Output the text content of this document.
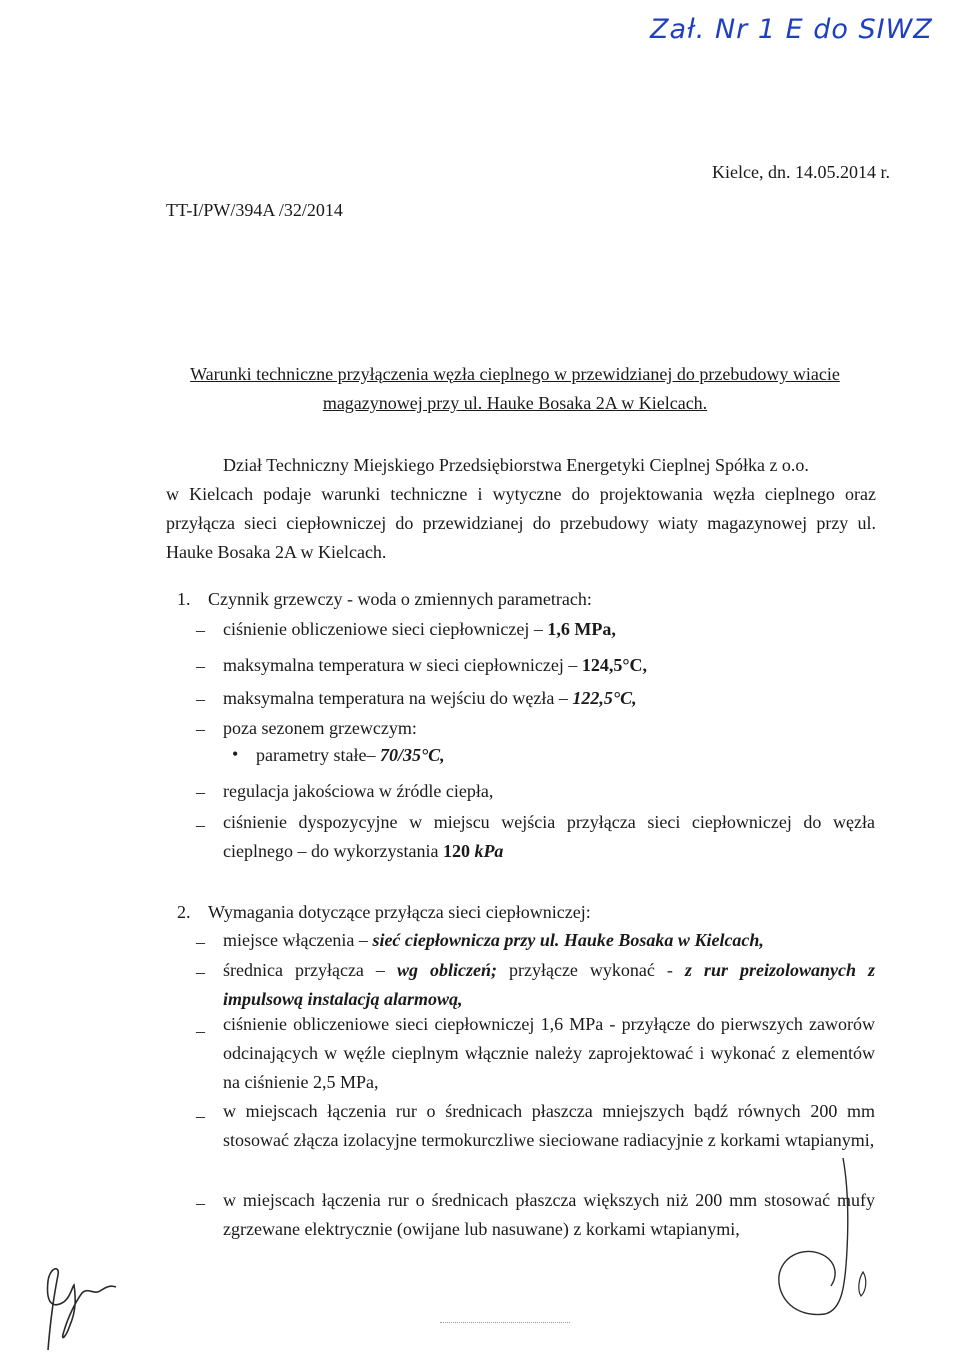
Zał. Nr 1 E do SIWZ
Kielce, dn. 14.05.2014 r.
TT-I/PW/394A /32/2014
Warunki techniczne przyłączenia węzła cieplnego w przewidzianej do przebudowy wiacie
magazynowej przy ul. Hauke Bosaka 2A w Kielcach.
Dział Techniczny Miejskiego Przedsiębiorstwa Energetyki Cieplnej Spółka z o.o.
w Kielcach podaje warunki techniczne i wytyczne do projektowania węzła cieplnego oraz przyłącza sieci ciepłowniczej do przewidzianej do przebudowy wiaty magazynowej przy ul. Hauke Bosaka 2A w Kielcach.
1. Czynnik grzewczy - woda o zmiennych parametrach:
– ciśnienie obliczeniowe sieci ciepłowniczej – 1,6 MPa,
– maksymalna temperatura w sieci ciepłowniczej – 124,5°C,
– maksymalna temperatura na wejściu do węzła – 122,5°C,
– poza sezonem grzewczym:
• parametry stałe– 70/35°C,
– regulacja jakościowa w źródle ciepła,
– ciśnienie dyspozycyjne w miejscu wejścia przyłącza sieci ciepłowniczej do węzła cieplnego – do wykorzystania 120 kPa
2. Wymagania dotyczące przyłącza sieci ciepłowniczej:
– miejsce włączenia – sieć ciepłownicza przy ul. Hauke Bosaka w Kielcach,
– średnica przyłącza – wg obliczeń; przyłącze wykonać - z rur preizolowanych z impulsową instalacją alarmową,
– ciśnienie obliczeniowe sieci ciepłowniczej 1,6 MPa - przyłącze do pierwszych zaworów odcinających w węźle cieplnym włącznie należy zaprojektować i wykonać z elementów na ciśnienie 2,5 MPa,
– w miejscach łączenia rur o średnicach płaszcza mniejszych bądź równych 200 mm stosować złącza izolacyjne termokurczliwe sieciowane radiacyjnie z korkami wtapianymi,
– w miejscach łączenia rur o średnicach płaszcza większych niż 200 mm stosować mufy zgrzewane elektrycznie (owijane lub nasuwane) z korkami wtapianymi,
